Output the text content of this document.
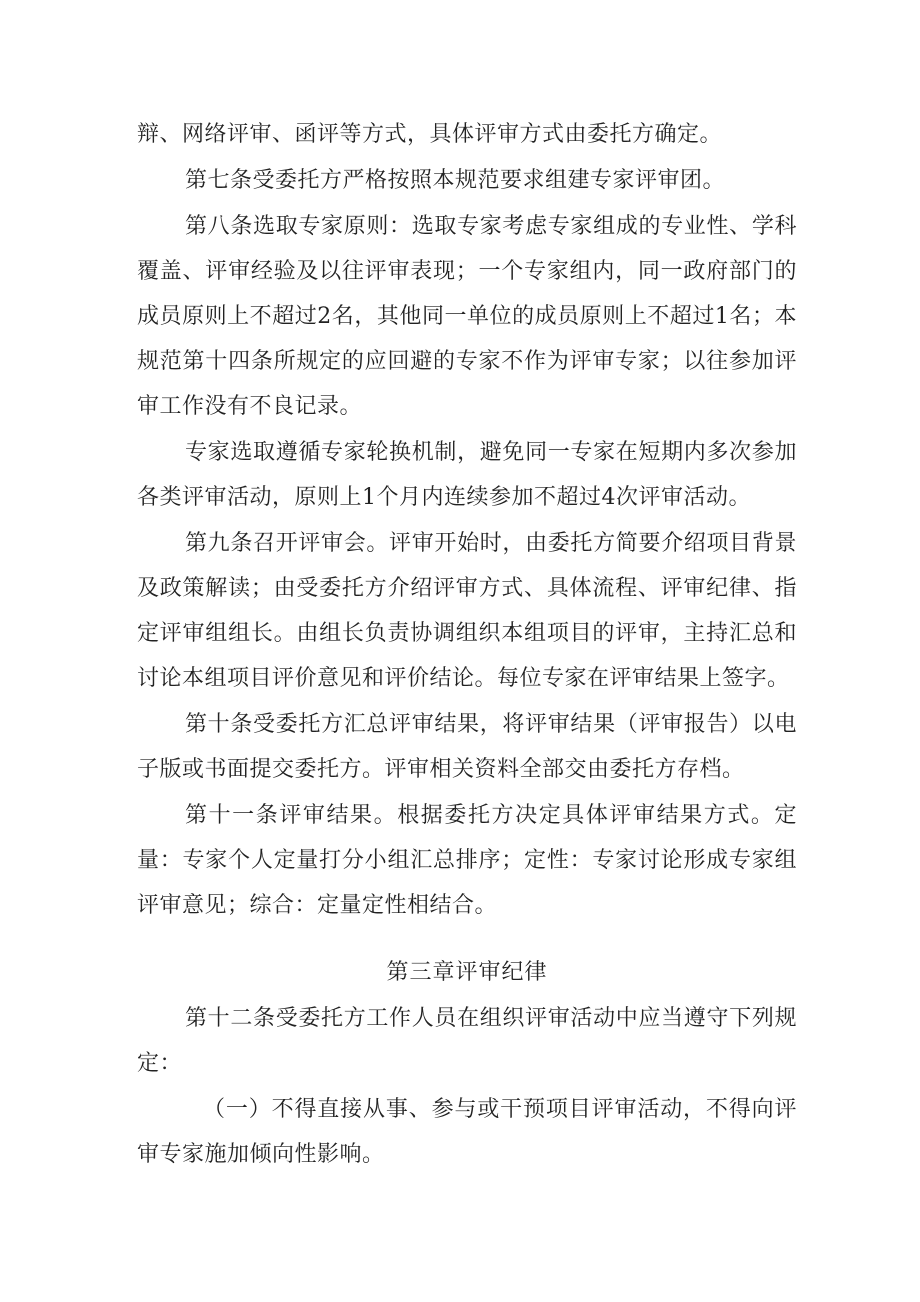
辩、网络评审、函评等方式，具体评审方式由委托方确定。

第七条受委托方严格按照本规范要求组建专家评审团。

第八条选取专家原则：选取专家考虑专家组成的专业性、学科覆盖、评审经验及以往评审表现；一个专家组内，同一政府部门的成员原则上不超过2名，其他同一单位的成员原则上不超过1名；本规范第十四条所规定的应回避的专家不作为评审专家；以往参加评审工作没有不良记录。

专家选取遵循专家轮换机制，避免同一专家在短期内多次参加各类评审活动，原则上1个月内连续参加不超过4次评审活动。

第九条召开评审会。评审开始时，由委托方简要介绍项目背景及政策解读；由受委托方介绍评审方式、具体流程、评审纪律、指定评审组组长。由组长负责协调组织本组项目的评审，主持汇总和讨论本组项目评价意见和评价结论。每位专家在评审结果上签字。

第十条受委托方汇总评审结果，将评审结果（评审报告）以电子版或书面提交委托方。评审相关资料全部交由委托方存档。

第十一条评审结果。根据委托方决定具体评审结果方式。定量：专家个人定量打分小组汇总排序；定性：专家讨论形成专家组评审意见；综合：定量定性相结合。

第三章评审纪律

第十二条受委托方工作人员在组织评审活动中应当遵守下列规定：

（一）不得直接从事、参与或干预项目评审活动，不得向评审专家施加倾向性影响。
